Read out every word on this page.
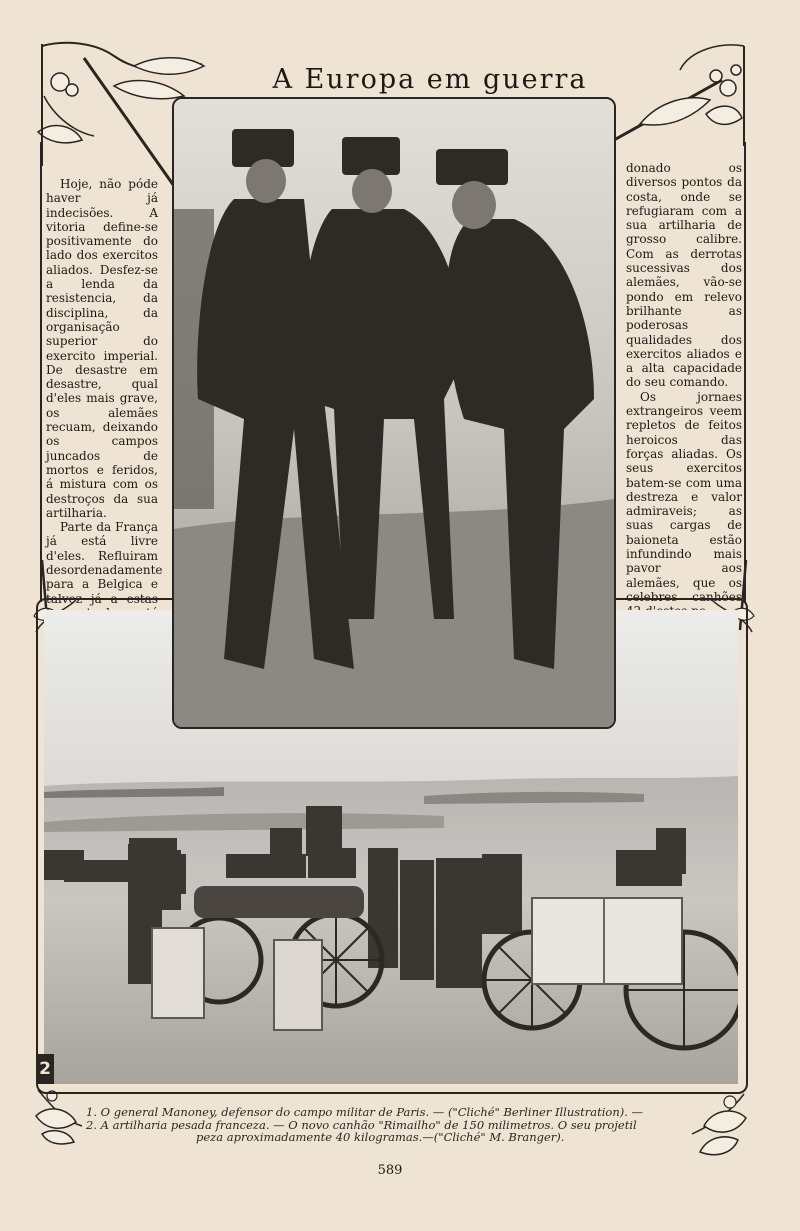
A Europa em guerra

Hoje, não póde haver já indecisões. A vitoria define-se positivamente do lado dos exercitos aliados. Desfez-se a lenda da resistencia, da disciplina, da organisação superior do exercito imperial. De desastre em desastre, qual d'eles mais grave, os alemães recuam, deixando os campos juncados de mortos e feridos, á mistura com os destroços da sua artilharia.

Parte da França já está livre d'eles. Refluiram desordenadamente para a Belgica e talvez já a estas

donado os diversos pontos da costa, onde se refugiaram com a sua artilharia de grosso calibre. Com as derrotas sucessivas dos alemães, vão-se pondo em relevo brilhante as poderosas qualidades dos exercitos aliados e a alta capacidade do seu comando.

Os jornaes extrangeiros veem repletos de feitos heroicos das forças aliadas. Os seus exercitos batem-se com uma destreza e valor admiraveis; as suas cargas de baioneta estão infundindo mais pavor aos alemães, que os celebres canhões

2
1. O general Manoney, defensor do campo militar de Paris. — ("Cliché" Berliner Illustration). —
2. A artilharia pesada franceza. — O novo canhão "Rimailho" de 150 milimetros. O seu projetil
peza aproximadamente 40 kilogramas.—("Cliché" M. Branger).
589
